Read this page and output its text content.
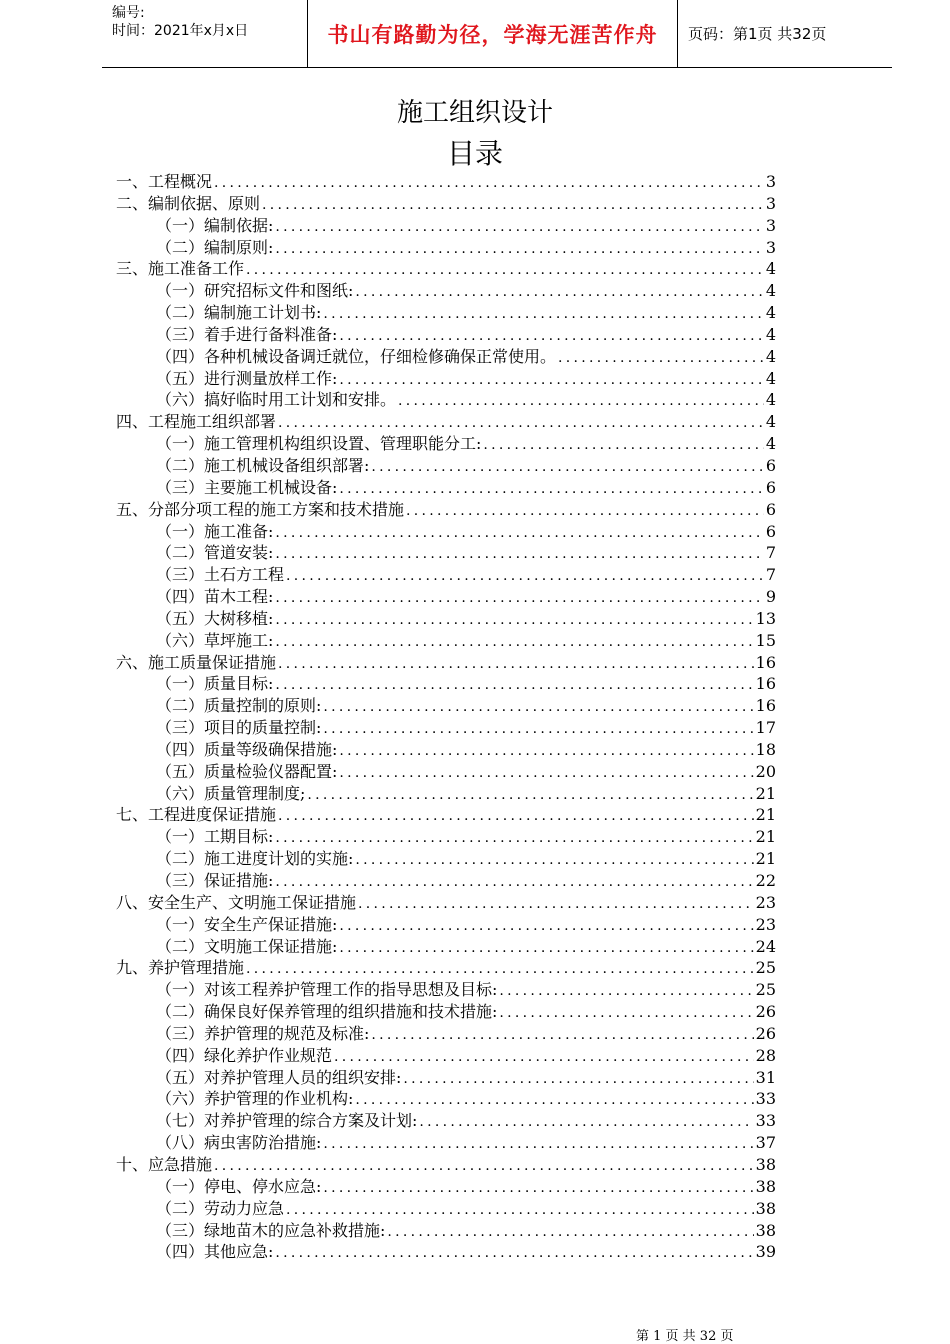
编号:
时间：2021年x月x日	书山有路勤为径，学海无涯苦作舟	页码：第1页 共32页
施工组织设计
目录
一、工程概况 .....	3
二、编制依据、原则 .....	3
（一）编制依据: .....	3
（二）编制原则: .....	3
三、施工准备工作 .....	4
（一）研究招标文件和图纸: .....	4
（二）编制施工计划书: .....	4
（三）着手进行备料准备: .....	4
（四）各种机械设备调迁就位，仔细检修确保正常使用。 .....	4
（五）进行测量放样工作: .....	4
（六）搞好临时用工计划和安排。 .....	4
四、工程施工组织部署 .....	4
（一）施工管理机构组织设置、管理职能分工: .....	4
（二）施工机械设备组织部署: .....	6
（三）主要施工机械设备: .....	6
五、分部分项工程的施工方案和技术措施 .....	6
（一）施工准备: .....	6
（二）管道安装: .....	7
（三）土石方工程 .....	7
（四）苗木工程: .....	9
（五）大树移植: .....	13
（六）草坪施工: .....	15
六、施工质量保证措施 .....	16
（一）质量目标: .....	16
（二）质量控制的原则: .....	16
（三）项目的质量控制: .....	17
（四）质量等级确保措施: .....	18
（五）质量检验仪器配置: .....	20
（六）质量管理制度; .....	21
七、工程进度保证措施 .....	21
（一）工期目标: .....	21
（二）施工进度计划的实施: .....	21
（三）保证措施: .....	22
八、安全生产、文明施工保证措施 .....	23
（一）安全生产保证措施: .....	23
（二）文明施工保证措施: .....	24
九、养护管理措施 .....	25
（一）对该工程养护管理工作的指导思想及目标: .....	25
（二）确保良好保养管理的组织措施和技术措施: .....	26
（三）养护管理的规范及标准: .....	26
（四）绿化养护作业规范 .....	28
（五）对养护管理人员的组织安排: .....	31
（六）养护管理的作业机构: .....	33
（七）对养护管理的综合方案及计划: .....	33
（八）病虫害防治措施: .....	37
十、应急措施 .....	38
（一）停电、停水应急: .....	38
（二）劳动力应急 .....	38
（三）绿地苗木的应急补救措施: .....	38
（四）其他应急: .....	39
第 1 页 共 32 页
